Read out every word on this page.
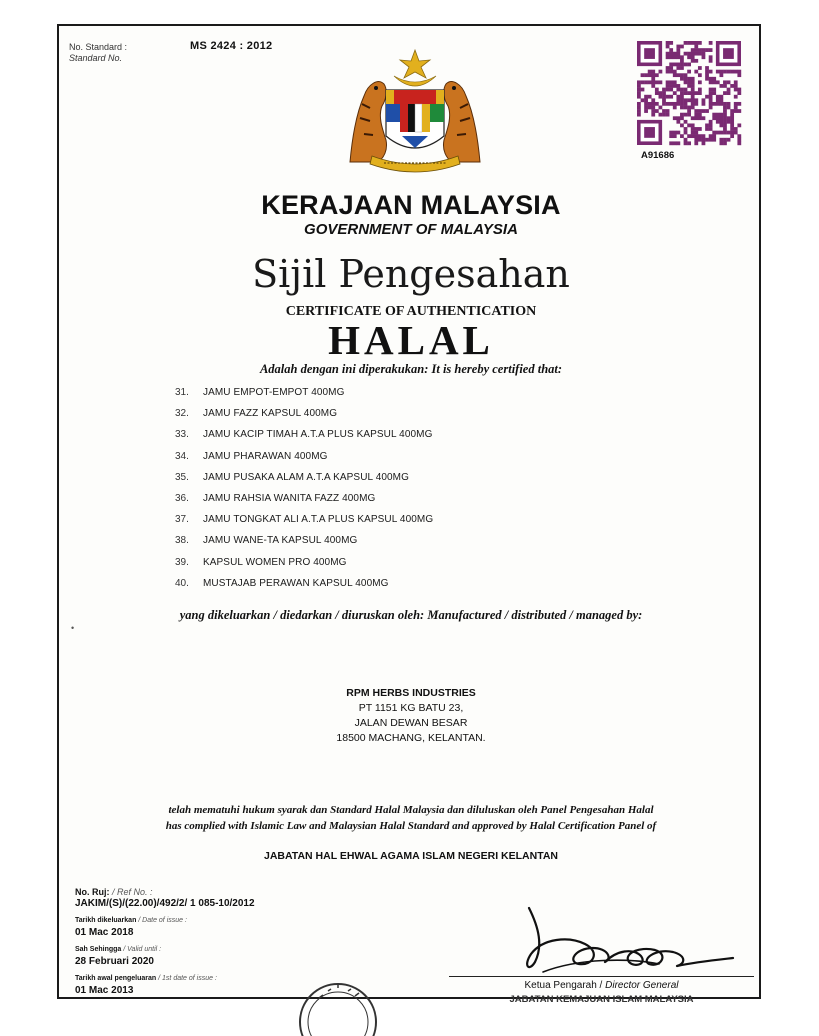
No. Standard :
Standard No.
MS 2424 : 2012
A91686
KERAJAAN MALAYSIA
GOVERNMENT OF MALAYSIA
Sijil Pengesahan
CERTIFICATE OF AUTHENTICATION
HALAL
Adalah dengan ini diperakukan: It is hereby certified that:
31.	JAMU EMPOT-EMPOT 400MG
32.	JAMU FAZZ KAPSUL 400MG
33.	JAMU KACIP TIMAH A.T.A PLUS KAPSUL 400MG
34.	JAMU PHARAWAN 400MG
35.	JAMU PUSAKA ALAM A.T.A KAPSUL 400MG
36.	JAMU RAHSIA WANITA FAZZ 400MG
37.	JAMU TONGKAT ALI A.T.A PLUS KAPSUL 400MG
38.	JAMU WANE-TA KAPSUL 400MG
39.	KAPSUL WOMEN PRO 400MG
40.	MUSTAJAB PERAWAN KAPSUL 400MG
•
yang dikeluarkan / diedarkan / diuruskan oleh: Manufactured / distributed / managed by:
RPM HERBS INDUSTRIES
PT 1151 KG BATU 23,
JALAN DEWAN BESAR
18500 MACHANG, KELANTAN.
telah mematuhi hukum syarak dan Standard Halal Malaysia dan diluluskan oleh Panel Pengesahan Halal
has complied with Islamic Law and Malaysian Halal Standard and approved by Halal Certification Panel of
JABATAN HAL EHWAL AGAMA ISLAM NEGERI KELANTAN
No. Ruj: / Ref No. :
JAKIM/(S)/(22.00)/492/2/ 1 085-10/2012
Tarikh dikeluarkan / Date of issue :
01 Mac 2018
Sah Sehingga / Valid until :
28 Februari 2020
Tarikh awal pengeluaran / 1st date of issue :
01 Mac 2013	Ketua Pengarah / Director General
JABATAN KEMAJUAN ISLAM MALAYSIA
